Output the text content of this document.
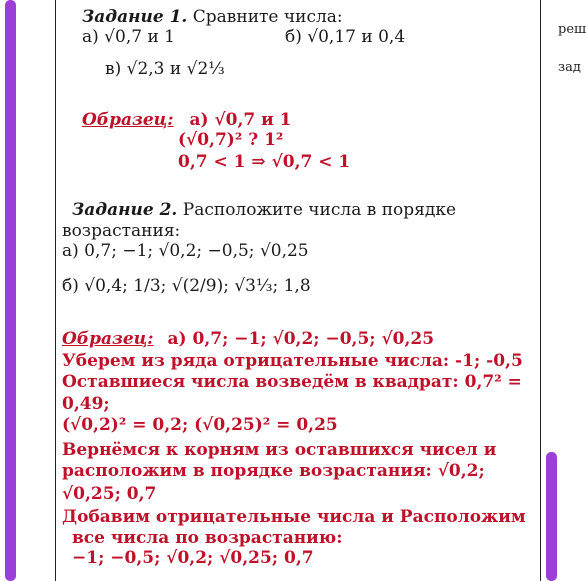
реш
зад
Задание 1. Сравните числа:
а) √0,7 и 1	б) √0,17 и 0,4
в) √2,3 и √2⅓
Образец: а) √0,7 и 1
(√0,7)² ? 1²
0,7 < 1 ⇒ √0,7 < 1
Задание 2. Расположите числа в порядке
возрастания:
а) 0,7; −1; √0,2; −0,5; √0,25
б) √0,4; 1/3; √(2/9); √3⅓; 1,8
Образец: а) 0,7; −1; √0,2; −0,5; √0,25
Уберем из ряда отрицательные числа: -1; -0,5
Оставшиеся числа возведём в квадрат: 0,7² =
0,49;
(√0,2)² = 0,2; (√0,25)² = 0,25
Вернёмся к корням из оставшихся чисел и
расположим в порядке возрастания: √0,2;
√0,25; 0,7
Добавим отрицательные числа и Расположим
все числа по возрастанию:
−1; −0,5; √0,2; √0,25; 0,7
